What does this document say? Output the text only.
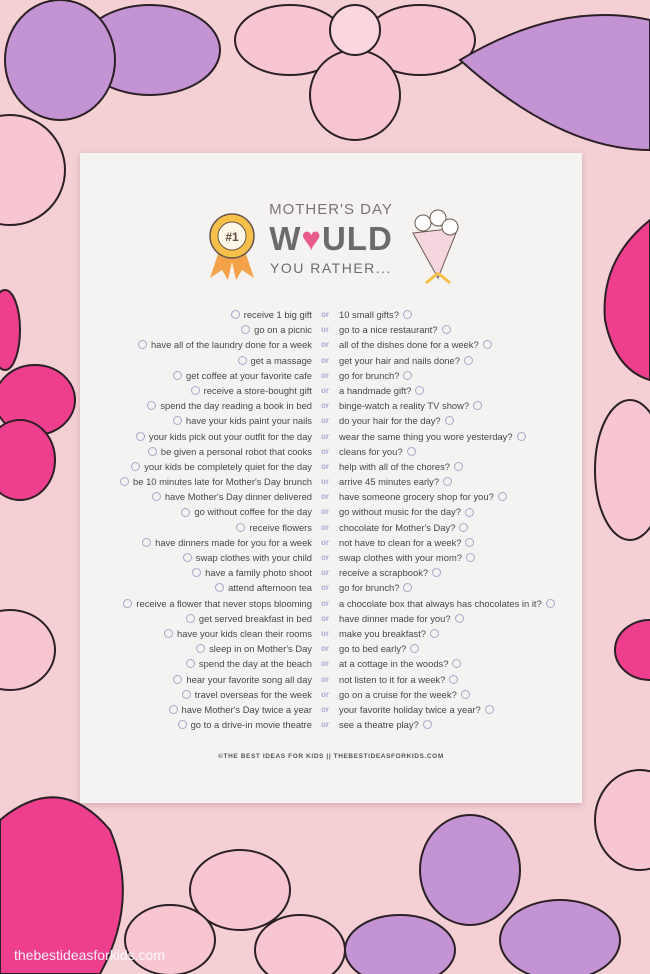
#1
MOTHER'S DAY
W♥ULD
YOU RATHER...
receive 1 big gift	or	10 small gifts?
go on a picnic	or	go to a nice restaurant?
have all of the laundry done for a week	or	all of the dishes done for a week?
get a massage	or	get your hair and nails done?
get coffee at your favorite cafe	or	go for brunch?
receive a store-bought gift	or	a handmade gift?
spend the day reading a book in bed	or	binge-watch a reality TV show?
have your kids paint your nails	or	do your hair for the day?
your kids pick out your outfit for the day	or	wear the same thing you wore yesterday?
be given a personal robot that cooks	or	cleans for you?
your kids be completely quiet for the day	or	help with all of the chores?
be 10 minutes late for Mother's Day brunch	or	arrive 45 minutes early?
have Mother's Day dinner delivered	or	have someone grocery shop for you?
go without coffee for the day	or	go without music for the day?
receive flowers	or	chocolate for Mother's Day?
have dinners made for you for a week	or	not have to clean for a week?
swap clothes with your child	or	swap clothes with your mom?
have a family photo shoot	or	receive a scrapbook?
attend afternoon tea	or	go for brunch?
receive a flower that never stops blooming	or	a chocolate box that always has chocolates in it?
get served breakfast in bed	or	have dinner made for you?
have your kids clean their rooms	or	make you breakfast?
sleep in on Mother's Day	or	go to bed early?
spend the day at the beach	or	at a cottage in the woods?
hear your favorite song all day	or	not listen to it for a week?
travel overseas for the week	or	go on a cruise for the week?
have Mother's Day twice a year	or	your favorite holiday twice a year?
go to a drive-in movie theatre	or	see a theatre play?
©THE BEST IDEAS FOR KIDS || THEBESTIDEASFORKIDS.COM
thebestideasforkids.com
